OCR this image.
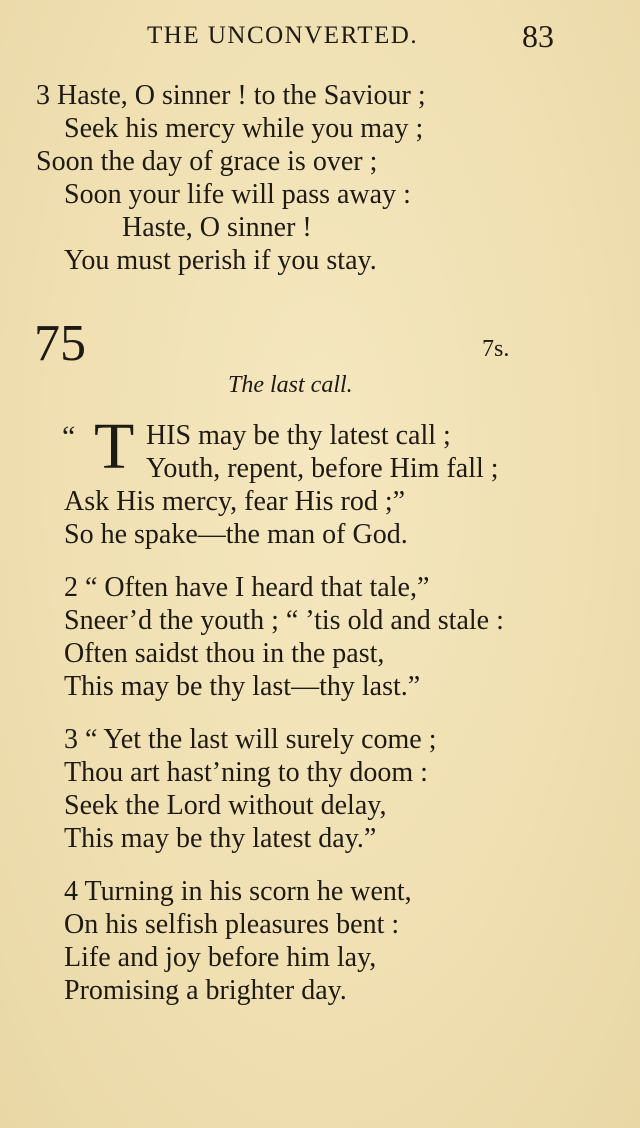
THE UNCONVERTED.	83
3 Haste, O sinner ! to the Saviour ;
Seek his mercy while you may ;
Soon the day of grace is over ;
Soon your life will pass away :
Haste, O sinner !
You must perish if you stay.
75	7s.
The last call.
“ T HIS may be thy latest call ;
Youth, repent, before Him fall ;
Ask His mercy, fear His rod ;”
So he spake—the man of God.
2 “ Often have I heard that tale,”
Sneer’d the youth ; “ ’tis old and stale :
Often saidst thou in the past,
This may be thy last—thy last.”
3 “ Yet the last will surely come ;
Thou art hast’ning to thy doom :
Seek the Lord without delay,
This may be thy latest day.”
4 Turning in his scorn he went,
On his selfish pleasures bent :
Life and joy before him lay,
Promising a brighter day.
